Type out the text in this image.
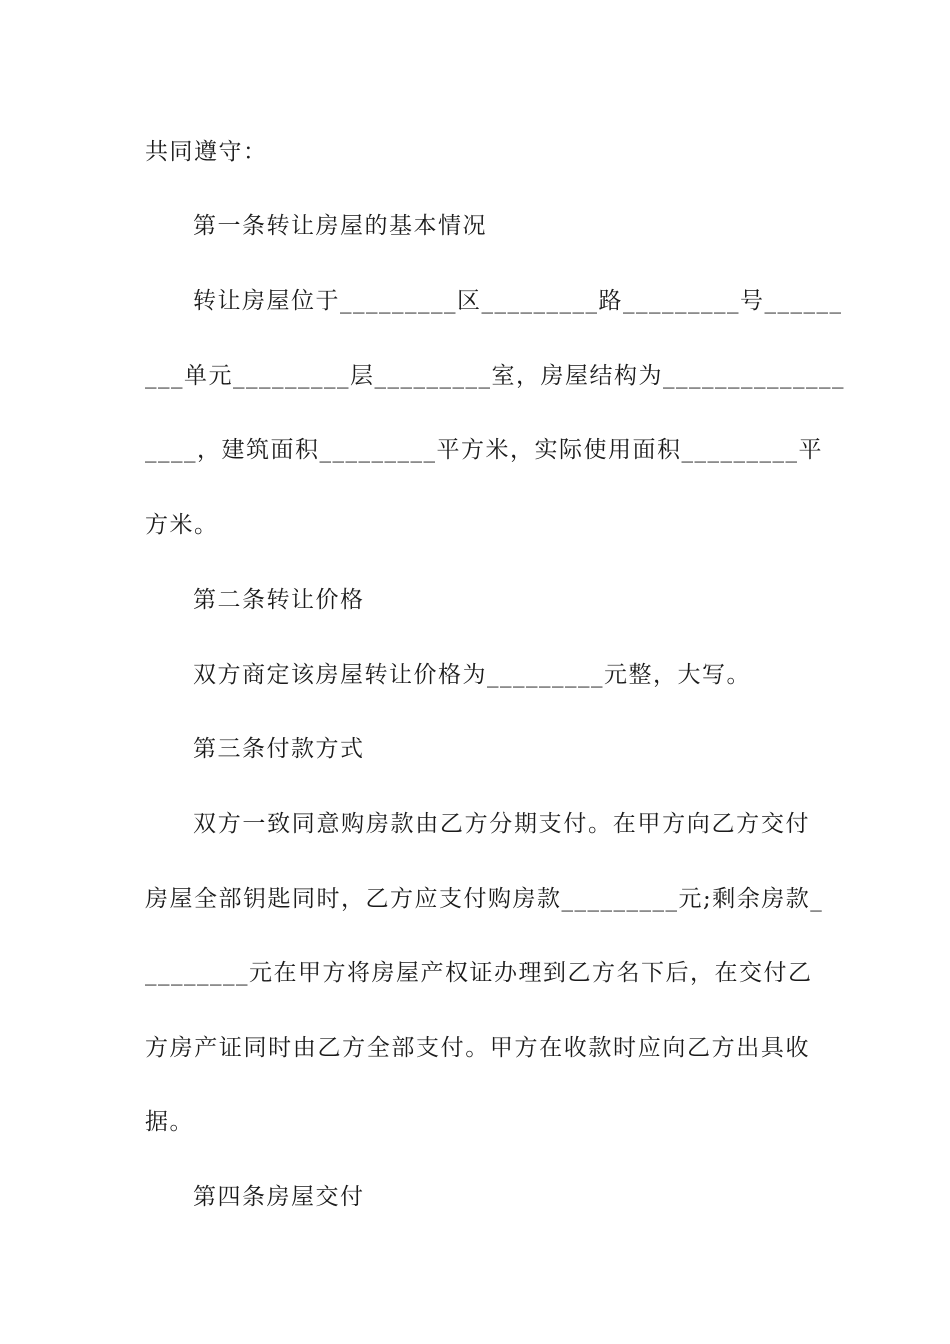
共同遵守：
第一条转让房屋的基本情况
转让房屋位于_________区_________路_________号______
___单元_________层_________室，房屋结构为______________
____，建筑面积_________平方米，实际使用面积_________平
方米。
第二条转让价格
双方商定该房屋转让价格为_________元整，大写。
第三条付款方式
双方一致同意购房款由乙方分期支付。在甲方向乙方交付
房屋全部钥匙同时，乙方应支付购房款_________元;剩余房款_
________元在甲方将房屋产权证办理到乙方名下后，在交付乙
方房产证同时由乙方全部支付。甲方在收款时应向乙方出具收
据。
第四条房屋交付
